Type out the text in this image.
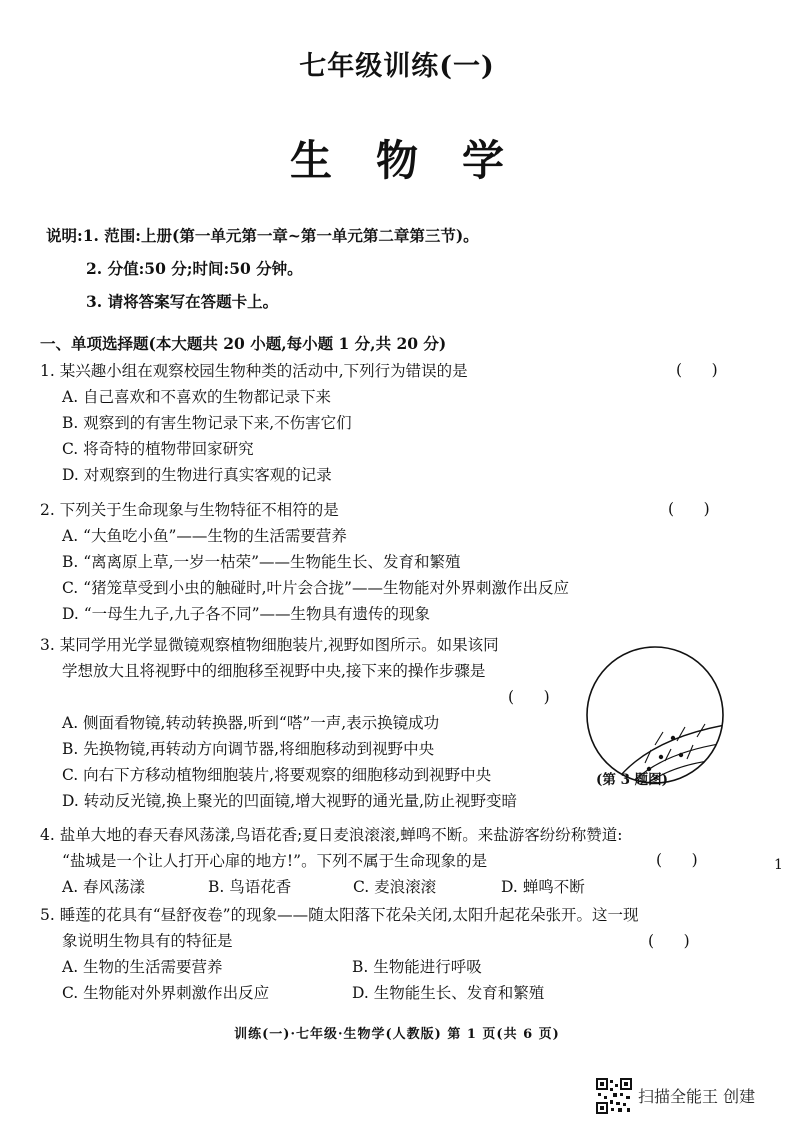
七年级训练(一)
生物学
说明:1. 范围:上册(第一单元第一章~第一单元第二章第三节)。
2. 分值:50 分;时间:50 分钟。
3. 请将答案写在答题卡上。
一、单项选择题(本大题共 20 小题,每小题 1 分,共 20 分)
1. 某兴趣小组在观察校园生物种类的活动中,下列行为错误的是
A. 自己喜欢和不喜欢的生物都记录下来
B. 观察到的有害生物记录下来,不伤害它们
C. 将奇特的植物带回家研究
D. 对观察到的生物进行真实客观的记录
(      )
2. 下列关于生命现象与生物特征不相符的是
A. “大鱼吃小鱼”——生物的生活需要营养
B. “离离原上草,一岁一枯荣”——生物能生长、发育和繁殖
C. “猪笼草受到小虫的触碰时,叶片会合拢”——生物能对外界刺激作出反应
D. “一母生九子,九子各不同”——生物具有遗传的现象
(      )
3. 某同学用光学显微镜观察植物细胞装片,视野如图所示。如果该同
学想放大且将视野中的细胞移至视野中央,接下来的操作步骤是
A. 侧面看物镜,转动转换器,听到“嗒”一声,表示换镜成功
B. 先换物镜,再转动方向调节器,将细胞移动到视野中央
C. 向右下方移动植物细胞装片,将要观察的细胞移动到视野中央
D. 转动反光镜,换上聚光的凹面镜,增大视野的通光量,防止视野变暗
(      )
(第 3 题图)
4. 盐单大地的春天春风荡漾,鸟语花香;夏日麦浪滚滚,蝉鸣不断。来盐游客纷纷称赞道:
“盐城是一个让人打开心扉的地方!”。下列不属于生命现象的是
A. 春风荡漾	B. 鸟语花香	C. 麦浪滚滚	D. 蝉鸣不断
(      )
5. 睡莲的花具有“昼舒夜卷”的现象——随太阳落下花朵关闭,太阳升起花朵张开。这一现
象说明生物具有的特征是
A. 生物的生活需要营养	B. 生物能进行呼吸
C. 生物能对外界刺激作出反应	D. 生物能生长、发育和繁殖
(      )
训练(一)·七年级·生物学(人教版) 第 1 页(共 6 页)
1
扫描全能王 创建
